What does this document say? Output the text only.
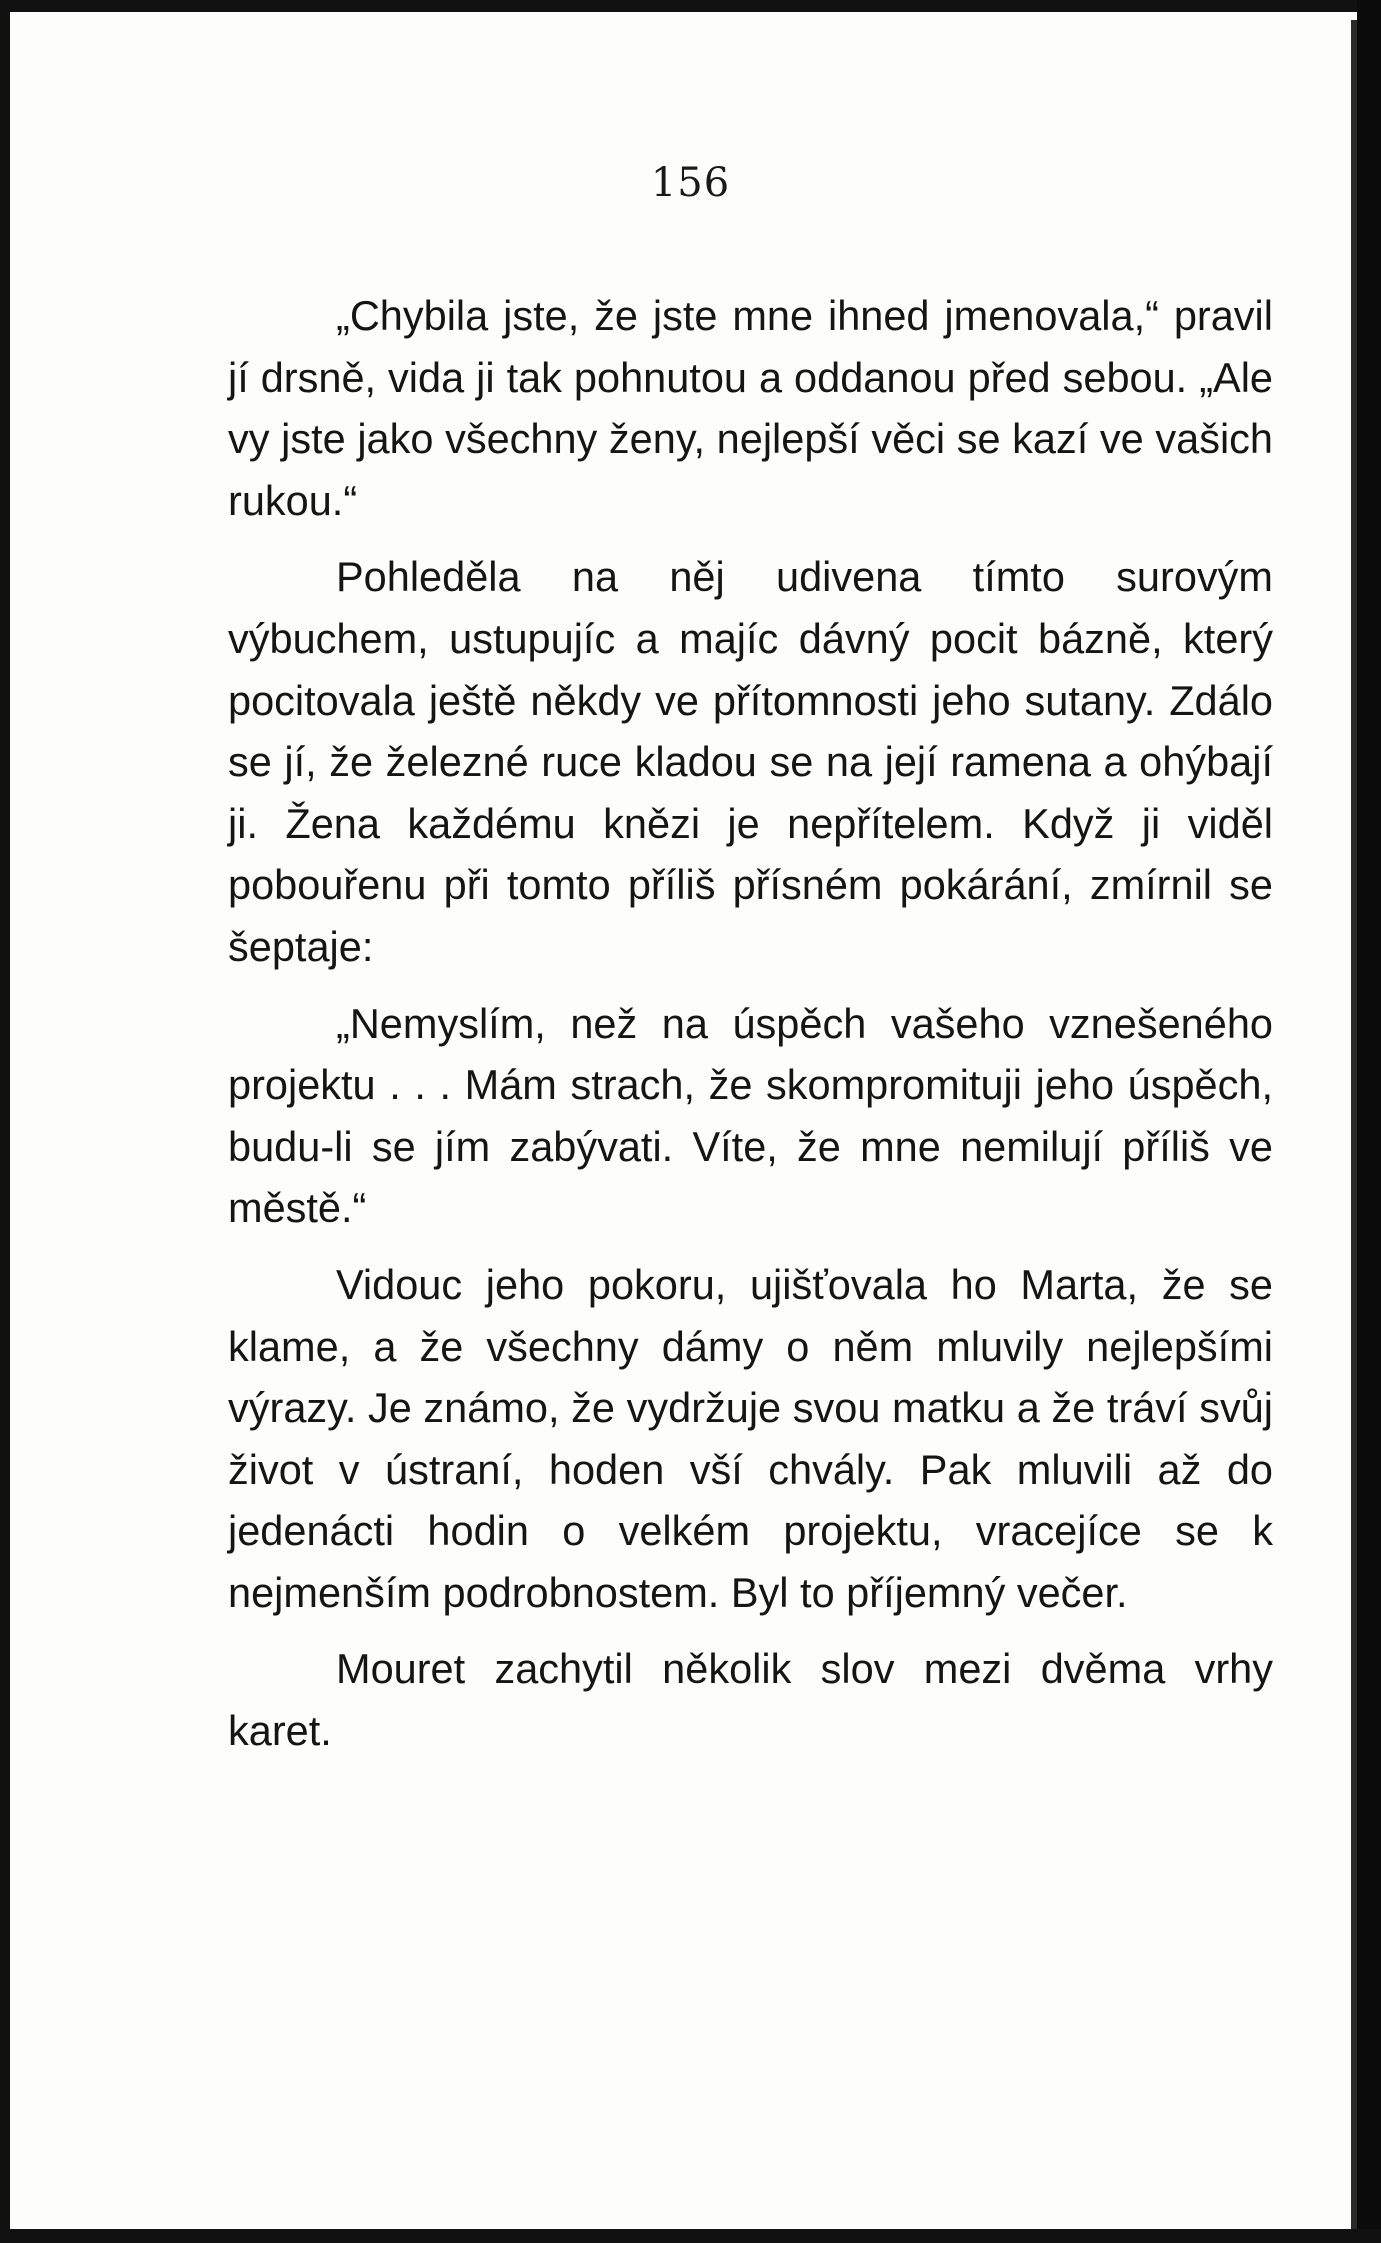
156

„Chybila jste, že jste mne ihned jmenovala,“ pravil jí drsně, vida ji tak pohnutou a oddanou před sebou. „Ale vy jste jako všechny ženy, nejlepší věci se kazí ve vašich rukou.“

Pohleděla na něj udivena tímto surovým výbuchem, ustupujíc a majíc dávný pocit bázně, který pocitovala ještě někdy ve přítomnosti jeho sutany. Zdálo se jí, že železné ruce kladou se na její ramena a ohýbají ji. Žena každému knězi je nepřítelem. Když ji viděl pobouřenu při tomto příliš přísném pokárání, zmírnil se šeptaje:

„Nemyslím, než na úspěch vašeho vznešeného projektu . . . Mám strach, že skompromituji jeho úspěch, budu-li se jím zabývati. Víte, že mne nemilují příliš ve městě.“

Vidouc jeho pokoru, ujišťovala ho Marta, že se klame, a že všechny dámy o něm mluvily nejlepšími výrazy. Je známo, že vydržuje svou matku a že tráví svůj život v ústraní, hoden vší chvály. Pak mluvili až do jedenácti hodin o velkém projektu, vracejíce se k nejmenším podrobnostem. Byl to příjemný večer.

Mouret zachytil několik slov mezi dvěma vrhy karet.
